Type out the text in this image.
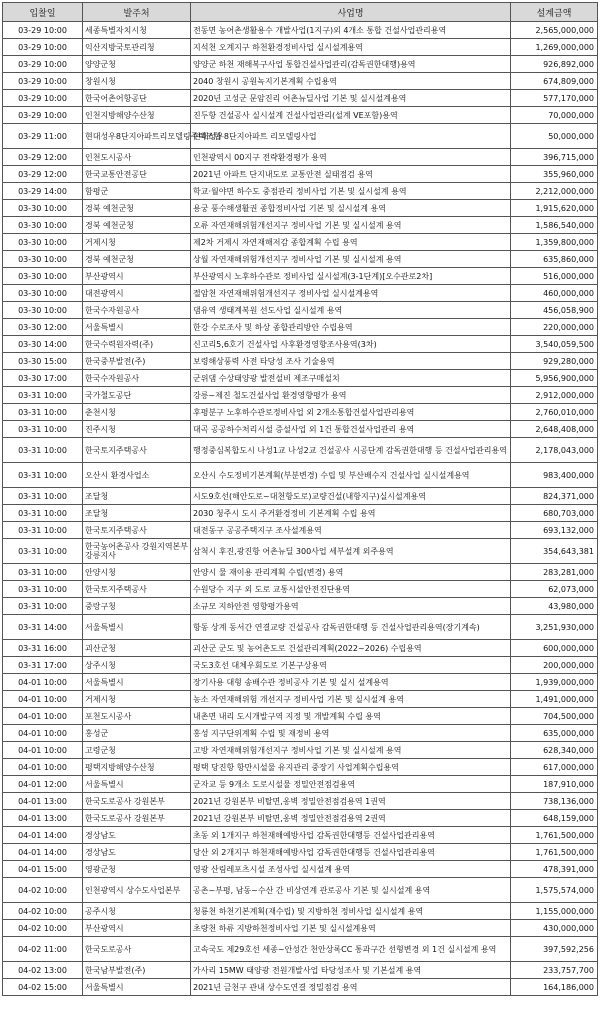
입찰일	발주처	사업명	설계금액
03-29 10:00	세종특별자치시청	전동면 농어촌생활용수 개발사업(1지구)외 4개소 통합 건설사업관리용역	2,565,000,000
03-29 10:00	익산지방국토관리청	지석천 오계지구 하천환경정비사업 실시설계용역	1,269,000,000
03-29 10:00	양양군청	양양군 하천 재해복구사업 통합건설사업관리(감독권한대행)용역	926,892,000
03-29 10:00	창원시청	2040 창원시 공원녹지기본계획 수립용역	674,809,000
03-29 10:00	한국어촌어항공단	2020년 고성군 문암진리 어촌뉴딜사업 기본 및 실시설계용역	577,170,000
03-29 10:00	인천지방해양수산청	진두항 건설공사 실시설계 건설사업관리(설계 VE포함)용역	70,000,000
03-29 11:00	현대성우8단지아파트리모델링주택조합	현대성우8단지아파트 리모델링사업	50,000,000
03-29 12:00	인천도시공사	인천광역시 00지구 전략환경평가 용역	396,715,000
03-29 12:00	한국교통안전공단	2021년 아파트 단지내도로 교통안전 실태점검 용역	355,960,000
03-29 14:00	함평군	학교·월야면 하수도 중점관리 정비사업 기본 및 실시설계 용역	2,212,000,000
03-30 10:00	경북 예천군청	용궁 풍수해생활권 종합정비사업 기본 및 실시설계 용역	1,915,620,000
03-30 10:00	경북 예천군청	오류 자연재해위험개선지구 정비사업 기본 및 실시설계 용역	1,586,540,000
03-30 10:00	거제시청	제2차 거제시 자연재해저감 종합계획 수립 용역	1,359,800,000
03-30 10:00	경북 예천군청	상월 자연재해위험개선지구 정비사업 기본 및 실시설계 용역	635,860,000
03-30 10:00	부산광역시	부산광역시 노후하수관로 정비사업 실시설계(3-1단계)[오수관로2차]	516,000,000
03-30 10:00	대전광역시	절암천 자연재해위험개선지구 정비사업 실시설계용역	460,000,000
03-30 10:00	한국수자원공사	댐유역 생태계복원 선도사업 실시설계 용역	456,058,900
03-30 12:00	서울특별시	한강 수로조사 및 하상 종합관리방안 수립용역	220,000,000
03-30 14:00	한국수력원자력(주)	신고리5,6호기 건설사업 사후환경영향조사용역(3차)	3,540,059,500
03-30 15:00	한국중부발전(주)	보령해상풍력 사전 타당성 조사 기술용역	929,280,000
03-30 17:00	한국수자원공사	군위댐 수상태양광 발전설비 제조구매설치	5,956,900,000
03-31 10:00	국가철도공단	강릉~제진 철도건설사업 환경영향평가 용역	2,912,000,000
03-31 10:00	춘천시청	후평분구 노후하수관로정비사업 외 2개소통합건설사업관리용역	2,760,010,000
03-31 10:00	진주시청	대곡 공공하수처리시설 증설사업 외 1건 통합건설사업관리 용역	2,648,408,000
03-31 10:00	한국토지주택공사	행정중심복합도시 나성1교 나성2교 건설공사 시공단계 감독권한대행 등 건설사업관리용역	2,178,043,000
03-31 10:00	오산시 환경사업소	오산시 수도정비기본계획(부분변경) 수립 및 부산배수지 건설사업 실시설계용역	983,400,000
03-31 10:00	조달청	시도9호선(해안도로~대천항도로)교량건설(내항지구)실시설계용역	824,371,000
03-31 10:00	조달청	2030 청주시 도시 주거환경정비 기본계획 수립 용역	680,703,000
03-31 10:00	한국토지주택공사	대전동구 공공주택지구 조사설계용역	693,132,000
03-31 10:00	한국농어촌공사 강원지역본부 강릉지사	삼척시 후진,광진항 어촌뉴딜 300사업 세부설계 외주용역	354,643,381
03-31 10:00	안양시청	안양시 물 재이용 관리계획 수립(변경) 용역	283,281,000
03-31 10:00	한국토지주택공사	수원당수 지구 외 도로 교통시설안전진단용역	62,073,000
03-31 10:00	중랑구청	소규모 지하안전 영향평가용역	43,980,000
03-31 14:00	서울특별시	항동 상계 동서간 연결교량 건설공사 감독권한대행 등 건설사업관리용역(장기계속)	3,251,930,000
03-31 16:00	괴산군청	괴산군 군도 및 농어촌도로 건설관리계획(2022~2026) 수립용역	600,000,000
03-31 17:00	상주시청	국도3호선 대체우회도로 기본구상용역	200,000,000
04-01 10:00	서울특별시	장기사용 대형 송배수관 정비공사 기본 및 실시 설계용역	1,939,000,000
04-01 10:00	거제시청	농소 자연재해위험 개선지구 정비사업 기본 및 실시설계 용역	1,491,000,000
04-01 10:00	포천도시공사	내촌면 내리 도시개발구역 지정 및 개발계획 수립 용역	704,500,000
04-01 10:00	홍성군	홍성 지구단위계획 수립 및 재정비 용역	635,000,000
04-01 10:00	고령군청	고방 자연재해위험개선지구 정비사업 기본 및 실시설계 용역	628,340,000
04-01 10:00	평택지방해양수산청	평택 당진항 항만시설물 유지관리 중장기 사업계획수립용역	617,000,000
04-01 12:00	서울특별시	군자교 등 9개소 도로시설물 정밀안전점검용역	187,910,000
04-01 13:00	한국도로공사 강원본부	2021년 강원본부 비탈면,옹벽 정밀안전점검용역 1권역	738,136,000
04-01 13:00	한국도로공사 강원본부	2021년 강원본부 비탈면,옹벽 정밀안전점검용역 2권역	648,159,000
04-01 14:00	경상남도	초동 외 1개지구 하천재해예방사업 감독권한대행등 건설사업관리용역	1,761,500,000
04-01 14:00	경상남도	당산 외 2개지구 하천재해예방사업 감독권한대행등 건설사업관리용역	1,761,500,000
04-01 15:00	영광군청	영광 산림레포츠시설 조성사업 실시설계 용역	478,391,000
04-02 10:00	인천광역시 상수도사업본부	공촌~부평, 남동~수산 간 비상연계 관로공사 기본 및 실시설계 용역	1,575,574,000
04-02 10:00	공주시청	청룡천 하천기본계획(재수립) 및 지방하천 정비사업 실시설계 용역	1,155,000,000
04-02 10:00	부산광역시	초량천 하류 지방하천정비사업 기본 및 실시설계용역	430,000,000
04-02 11:00	한국도로공사	고속국도 제29호선 세종~안성간 천안상록CC 통과구간 선형변경 외 1건 실시설계 용역	397,592,256
04-02 13:00	한국남부발전(주)	가사리 15MW 태양광 전원개발사업 타당성조사 및 기본설계 용역	233,757,700
04-02 15:00	서울특별시	2021년 금천구 관내 상수도연결 정밀점검 용역	164,186,000
